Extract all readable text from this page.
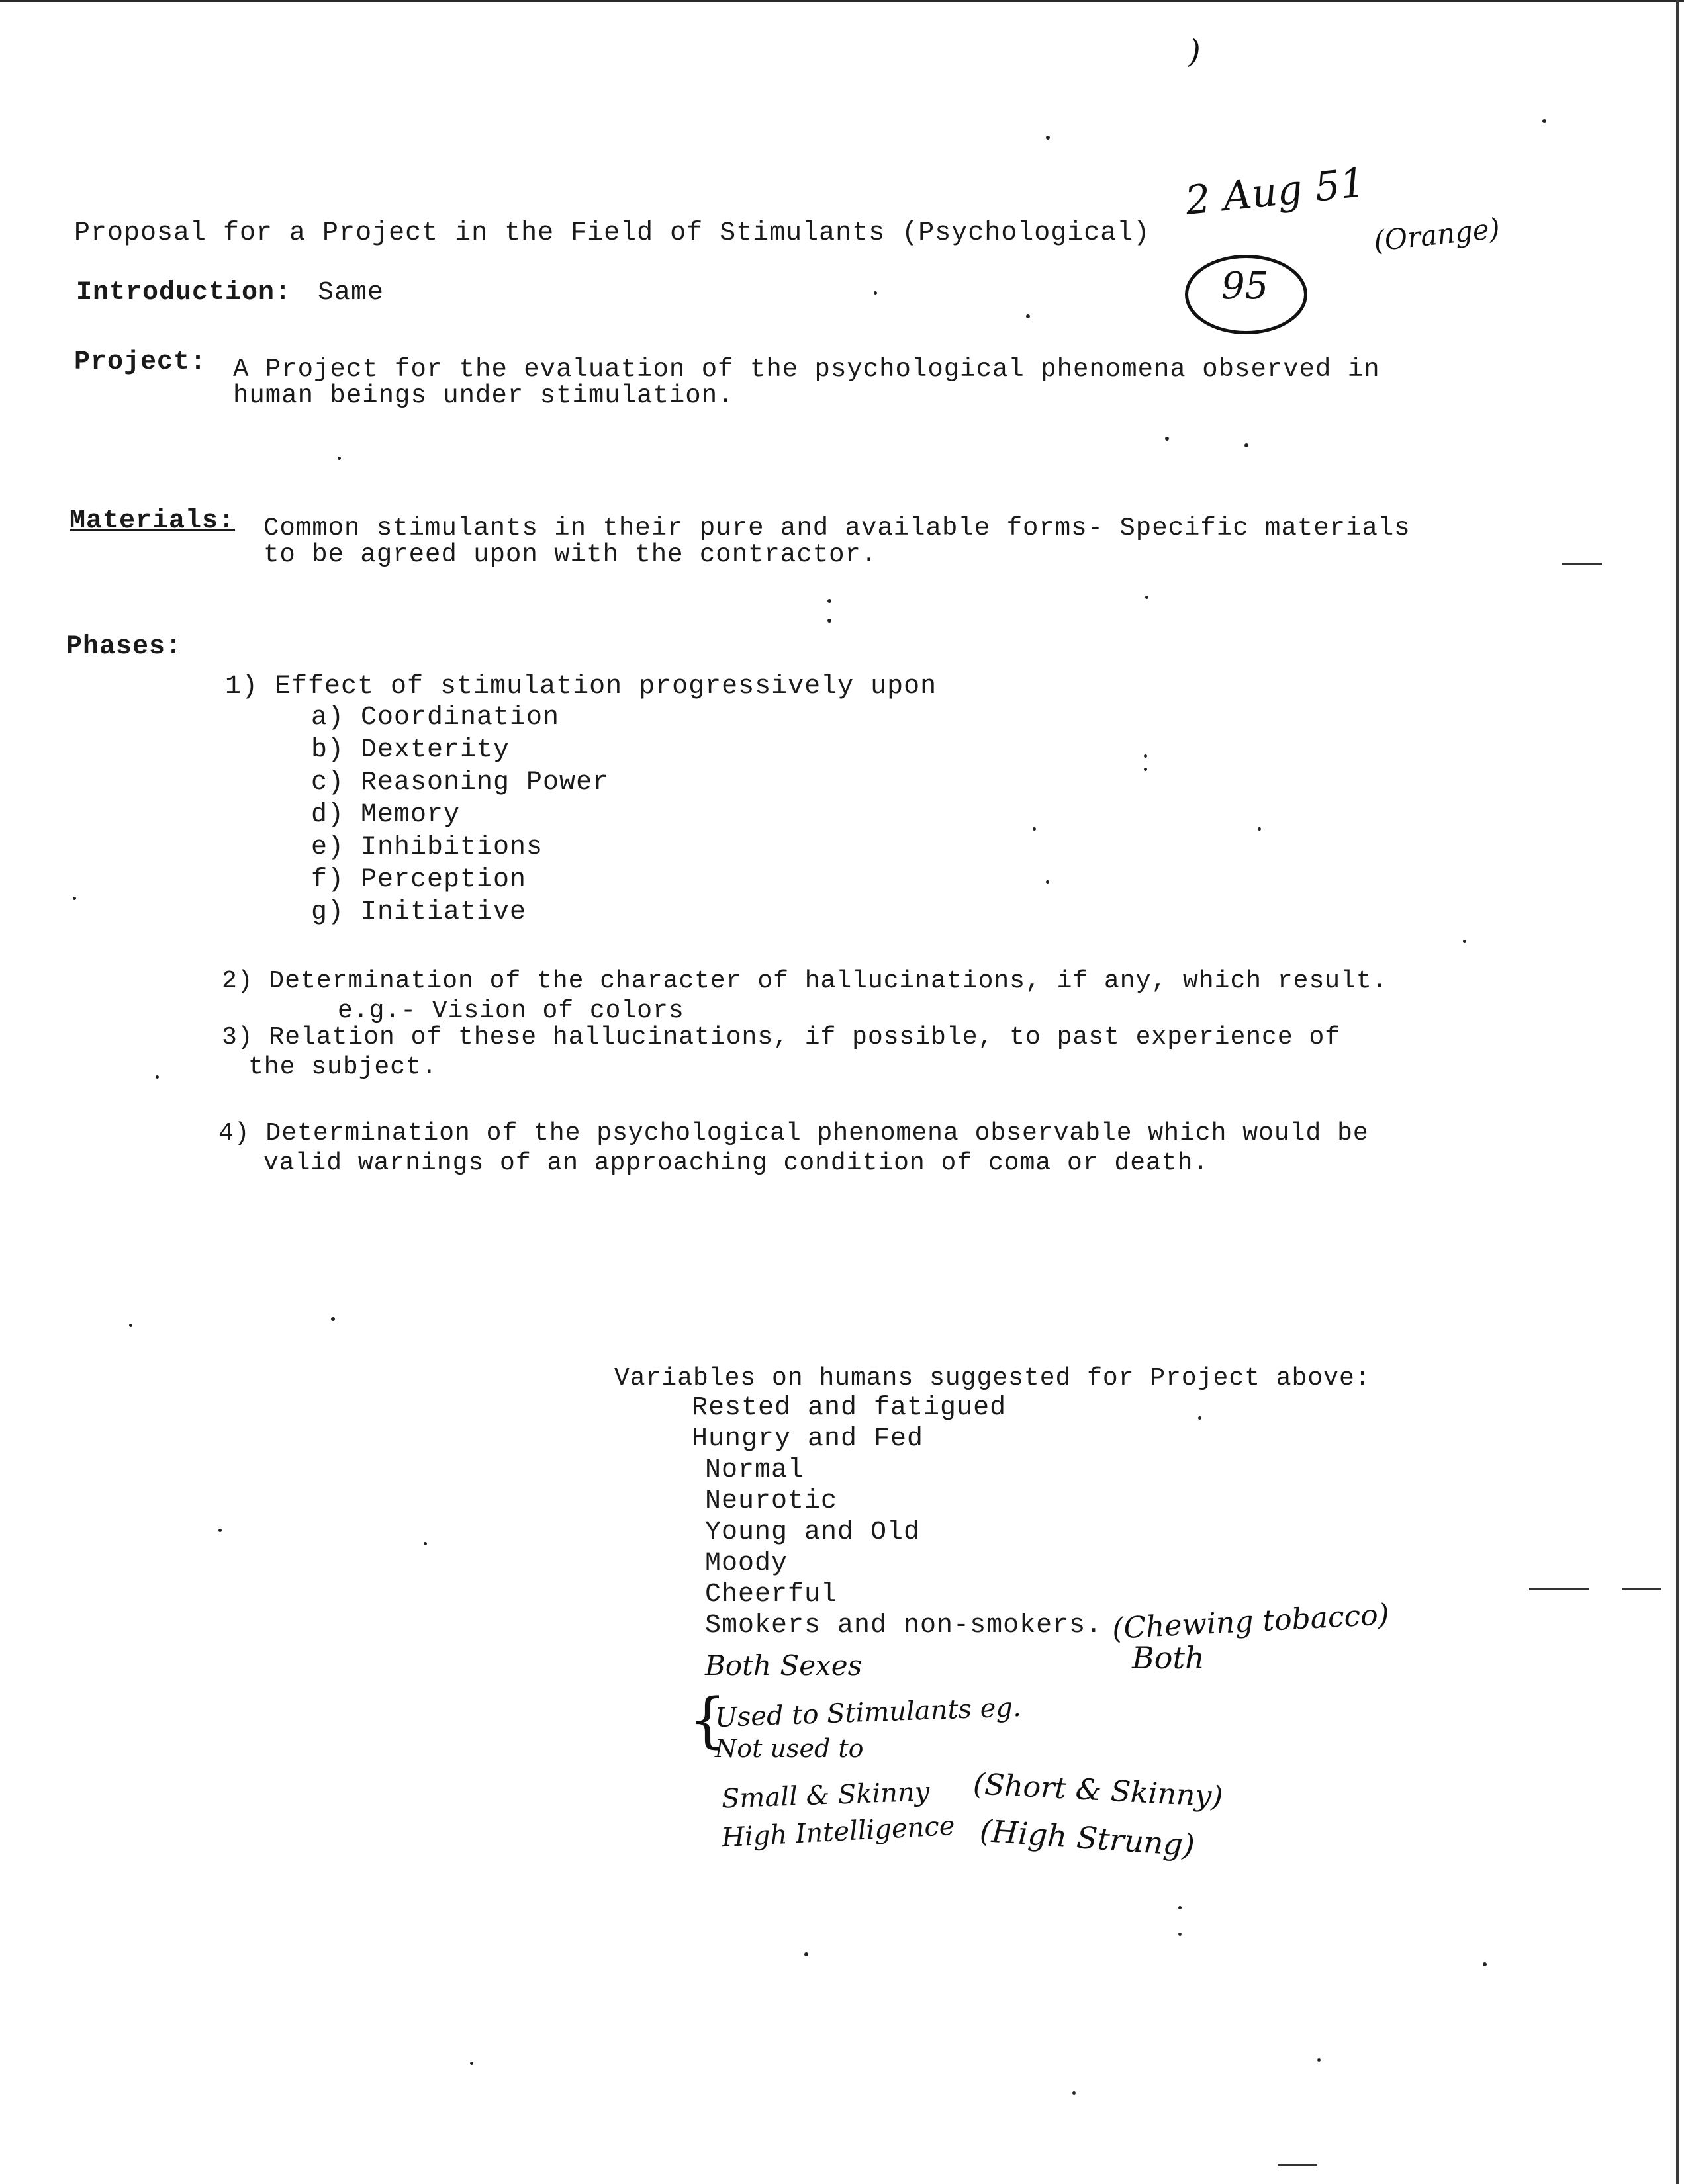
)
2 Aug 51
(Orange)
95
Proposal for a Project in the Field of Stimulants (Psychological)
Introduction: Same
Project: A Project for the evaluation of the psychological phenomena observed in
human beings under stimulation.
Materials: Common stimulants in their pure and available forms- Specific materials
to be agreed upon with the contractor.
Phases:
1) Effect of stimulation progressively upon
a) Coordination
b) Dexterity
c) Reasoning Power
d) Memory
e) Inhibitions
f) Perception
g) Initiative
2) Determination of the character of hallucinations, if any, which result.
e.g.- Vision of colors
3) Relation of these hallucinations, if possible, to past experience of
the subject.
4) Determination of the psychological phenomena observable which would be
valid warnings of an approaching condition of coma or death.
Variables on humans suggested for Project above:
Rested and fatigued
Hungry and Fed
Normal
Neurotic
Young and Old
Moody
Cheerful
Smokers and non-smokers. (Chewing tobacco)
Both
Both Sexes
{
Used to Stimulants eg.
Not used to
Small & Skinny (Short & Skinny)
High Intelligence (High Strung)
